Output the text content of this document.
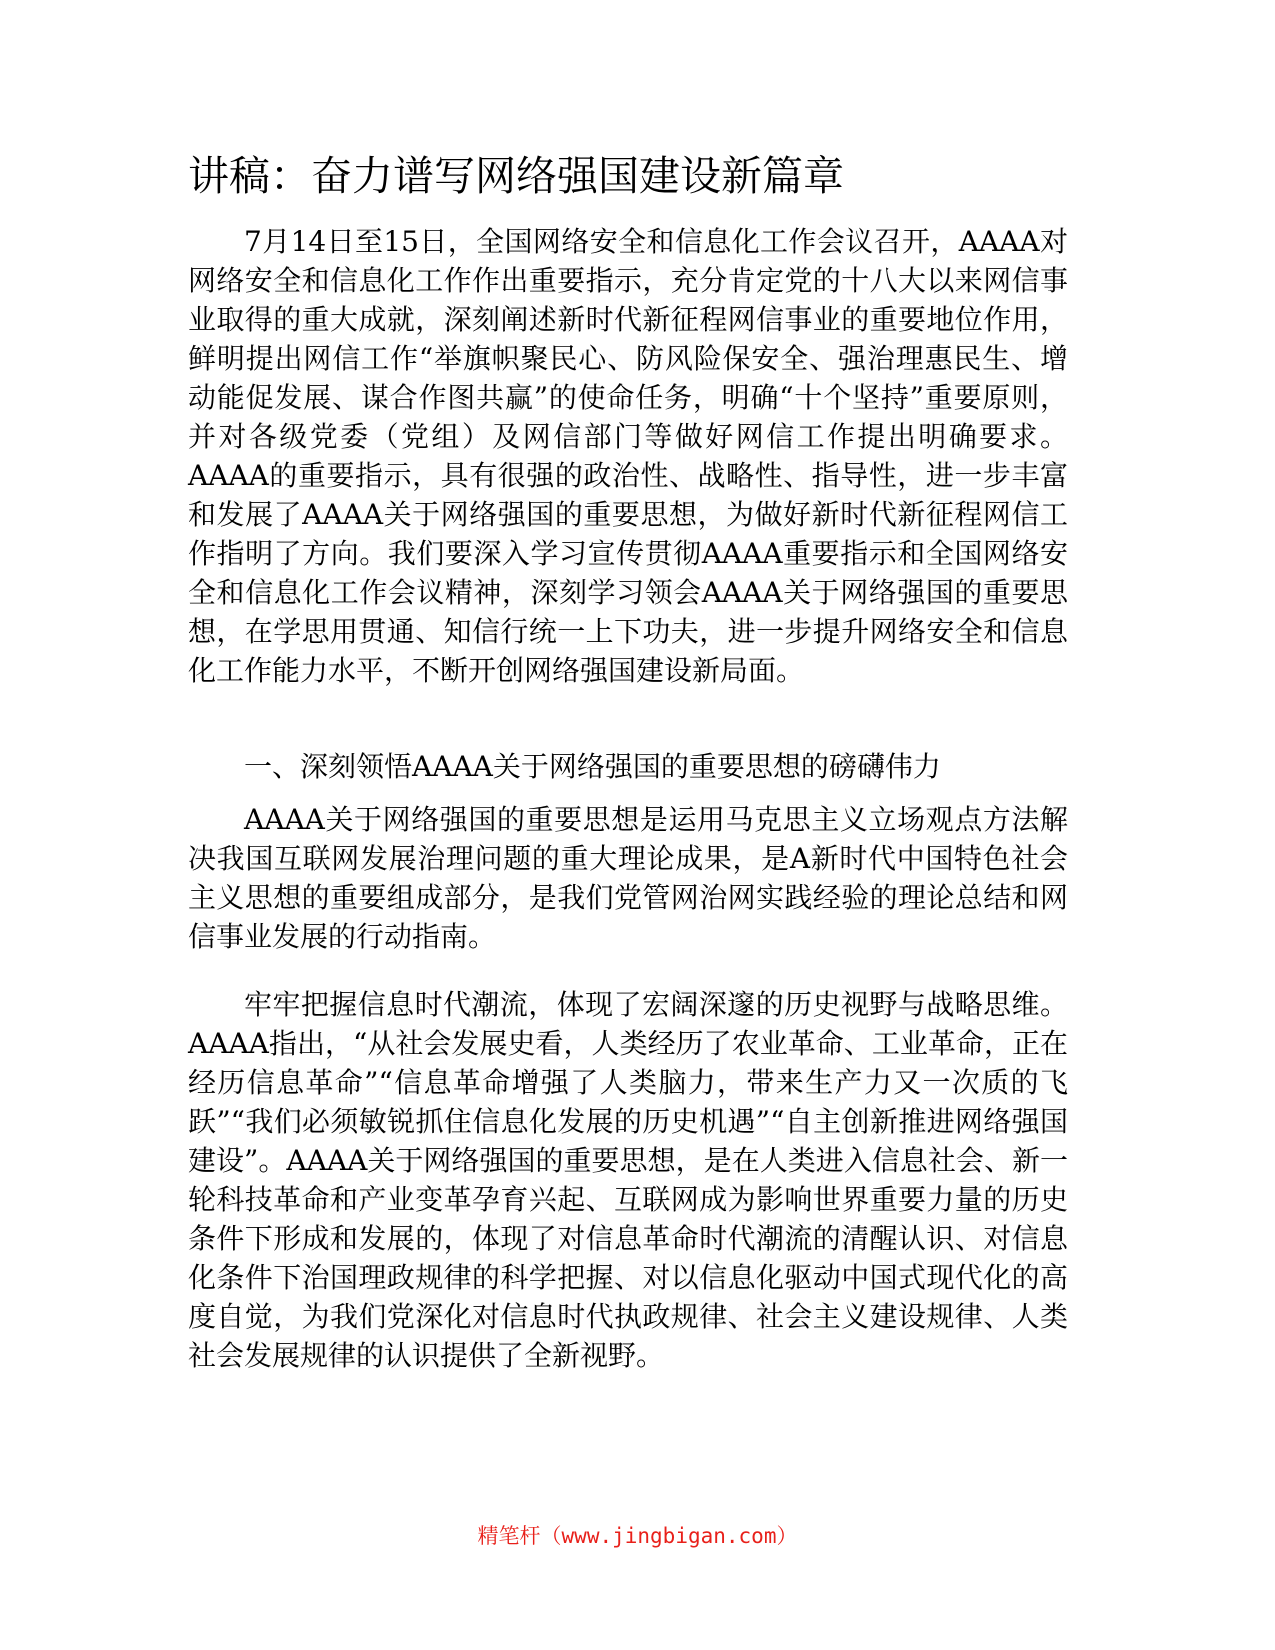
讲稿：奋力谱写网络强国建设新篇章

7月14日至15日，全国网络安全和信息化工作会议召开，AAAA对网络安全和信息化工作作出重要指示，充分肯定党的十八大以来网信事业取得的重大成就，深刻阐述新时代新征程网信事业的重要地位作用，鲜明提出网信工作“举旗帜聚民心、防风险保安全、强治理惠民生、增动能促发展、谋合作图共赢”的使命任务，明确“十个坚持”重要原则，并对各级党委（党组）及网信部门等做好网信工作提出明确要求。AAAA的重要指示，具有很强的政治性、战略性、指导性，进一步丰富和发展了AAAA关于网络强国的重要思想，为做好新时代新征程网信工作指明了方向。我们要深入学习宣传贯彻AAAA重要指示和全国网络安全和信息化工作会议精神，深刻学习领会AAAA关于网络强国的重要思想，在学思用贯通、知信行统一上下功夫，进一步提升网络安全和信息化工作能力水平，不断开创网络强国建设新局面。

一、深刻领悟AAAA关于网络强国的重要思想的磅礴伟力

AAAA关于网络强国的重要思想是运用马克思主义立场观点方法解决我国互联网发展治理问题的重大理论成果，是A新时代中国特色社会主义思想的重要组成部分，是我们党管网治网实践经验的理论总结和网信事业发展的行动指南。

牢牢把握信息时代潮流，体现了宏阔深邃的历史视野与战略思维。AAAA指出，“从社会发展史看，人类经历了农业革命、工业革命，正在经历信息革命”“信息革命增强了人类脑力，带来生产力又一次质的飞跃”“我们必须敏锐抓住信息化发展的历史机遇”“自主创新推进网络强国建设”。AAAA关于网络强国的重要思想，是在人类进入信息社会、新一轮科技革命和产业变革孕育兴起、互联网成为影响世界重要力量的历史条件下形成和发展的，体现了对信息革命时代潮流的清醒认识、对信息化条件下治国理政规律的科学把握、对以信息化驱动中国式现代化的高度自觉，为我们党深化对信息时代执政规律、社会主义建设规律、人类社会发展规律的认识提供了全新视野。

精笔杆（www.jingbigan.com）
